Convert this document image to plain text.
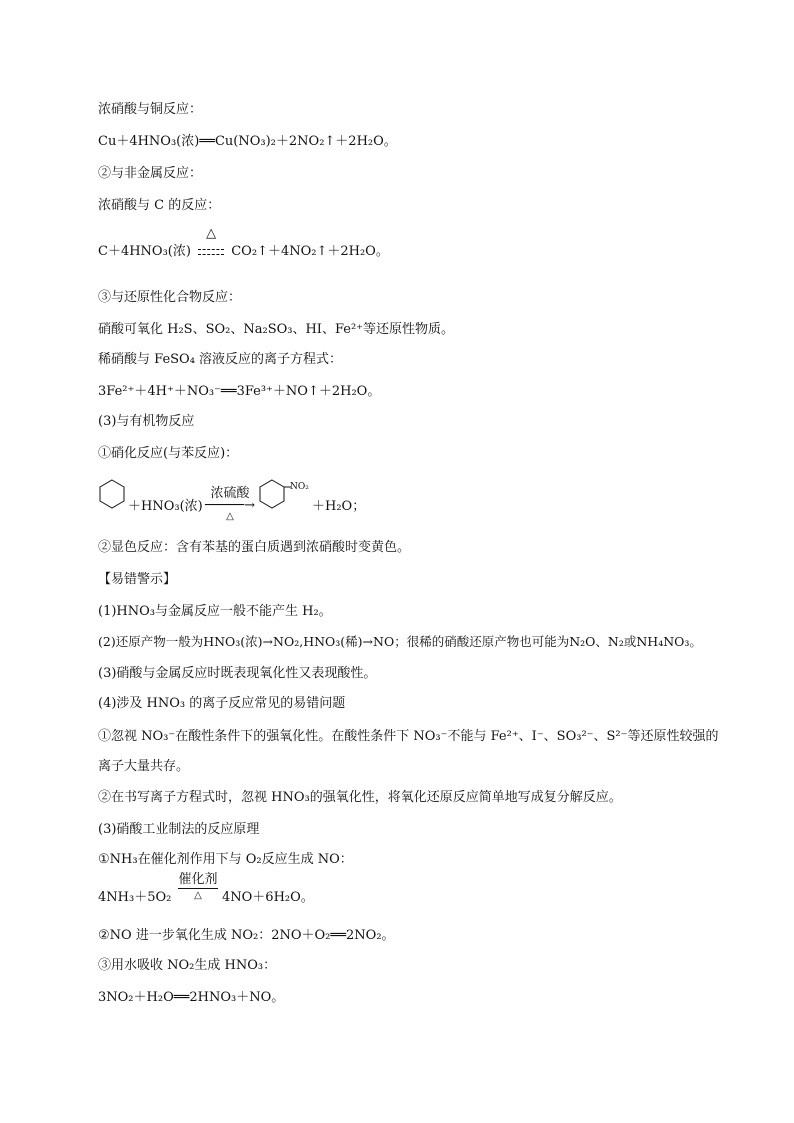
浓硝酸与铜反应：
Cu＋4HNO₃(浓)══Cu(NO₃)₂＋2NO₂↑＋2H₂O。
②与非金属反应：
浓硝酸与 C 的反应：
C＋4HNO₃(浓)
△
CO₂↑＋4NO₂↑＋2H₂O。
③与还原性化合物反应：
硝酸可氧化 H₂S、SO₂、Na₂SO₃、HI、Fe²⁺等还原性物质。
稀硝酸与 FeSO₄ 溶液反应的离子方程式：
3Fe²⁺＋4H⁺＋NO₃⁻══3Fe³⁺＋NO↑＋2H₂O。
(3)与有机物反应
①硝化反应(与苯反应)：
＋HNO₃(浓)
浓硫酸
─────→
△
NO₂
＋H₂O；
②显色反应：含有苯基的蛋白质遇到浓硝酸时变黄色。
【易错警示】
(1)HNO₃与金属反应一般不能产生 H₂。
(2)还原产物一般为HNO₃(浓)→NO₂,HNO₃(稀)→NO；很稀的硝酸还原产物也可能为N₂O、N₂或NH₄NO₃。
(3)硝酸与金属反应时既表现氧化性又表现酸性。
(4)涉及 HNO₃ 的离子反应常见的易错问题
①忽视 NO₃⁻在酸性条件下的强氧化性。在酸性条件下 NO₃⁻不能与 Fe²⁺、I⁻、SO₃²⁻、S²⁻等还原性较强的离子大量共存。
②在书写离子方程式时，忽视 HNO₃的强氧化性，将氧化还原反应简单地写成复分解反应。
(3)硝酸工业制法的反应原理
①NH₃在催化剂作用下与 O₂反应生成 NO：
4NH₃＋5O₂
催化剂
△	4NO＋6H₂O。
②NO 进一步氧化生成 NO₂：2NO＋O₂══2NO₂。
③用水吸收 NO₂生成 HNO₃：
3NO₂＋H₂O══2HNO₃＋NO。
